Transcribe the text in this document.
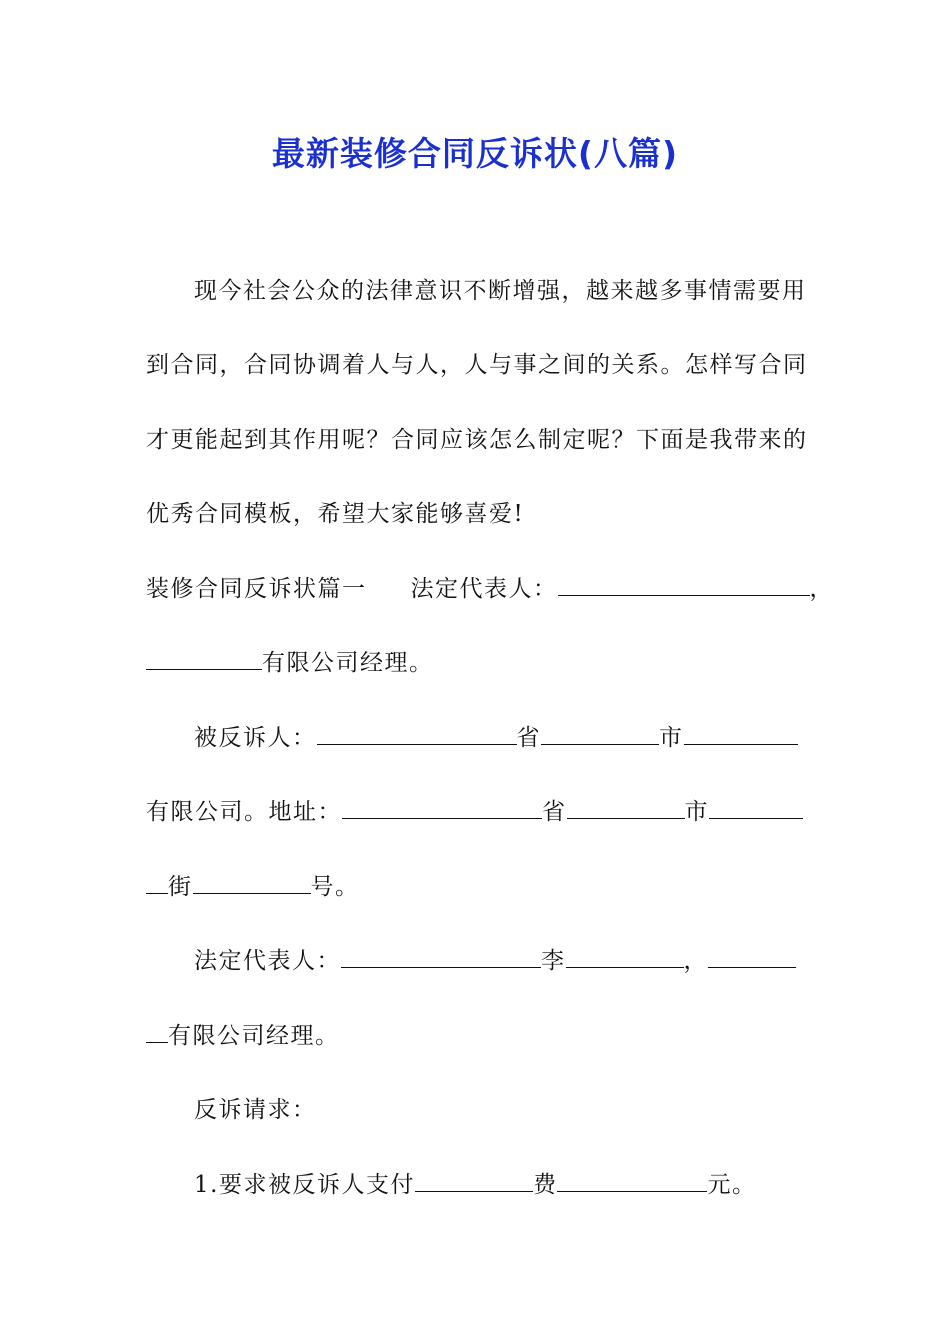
最新装修合同反诉状(八篇)
现今社会公众的法律意识不断增强，越来越多事情需要用
到合同，合同协调着人与人，人与事之间的关系。怎样写合同
才更能起到其作用呢？合同应该怎么制定呢？下面是我带来的
优秀合同模板，希望大家能够喜爱!
装修合同反诉状篇一 法定代表人：	，
有限公司经理。
被反诉人：	省	市
有限公司。地址：	省	市
街	号。
法定代表人：	李	，
有限公司经理。
反诉请求：
1.要求被反诉人支付	费	元。
